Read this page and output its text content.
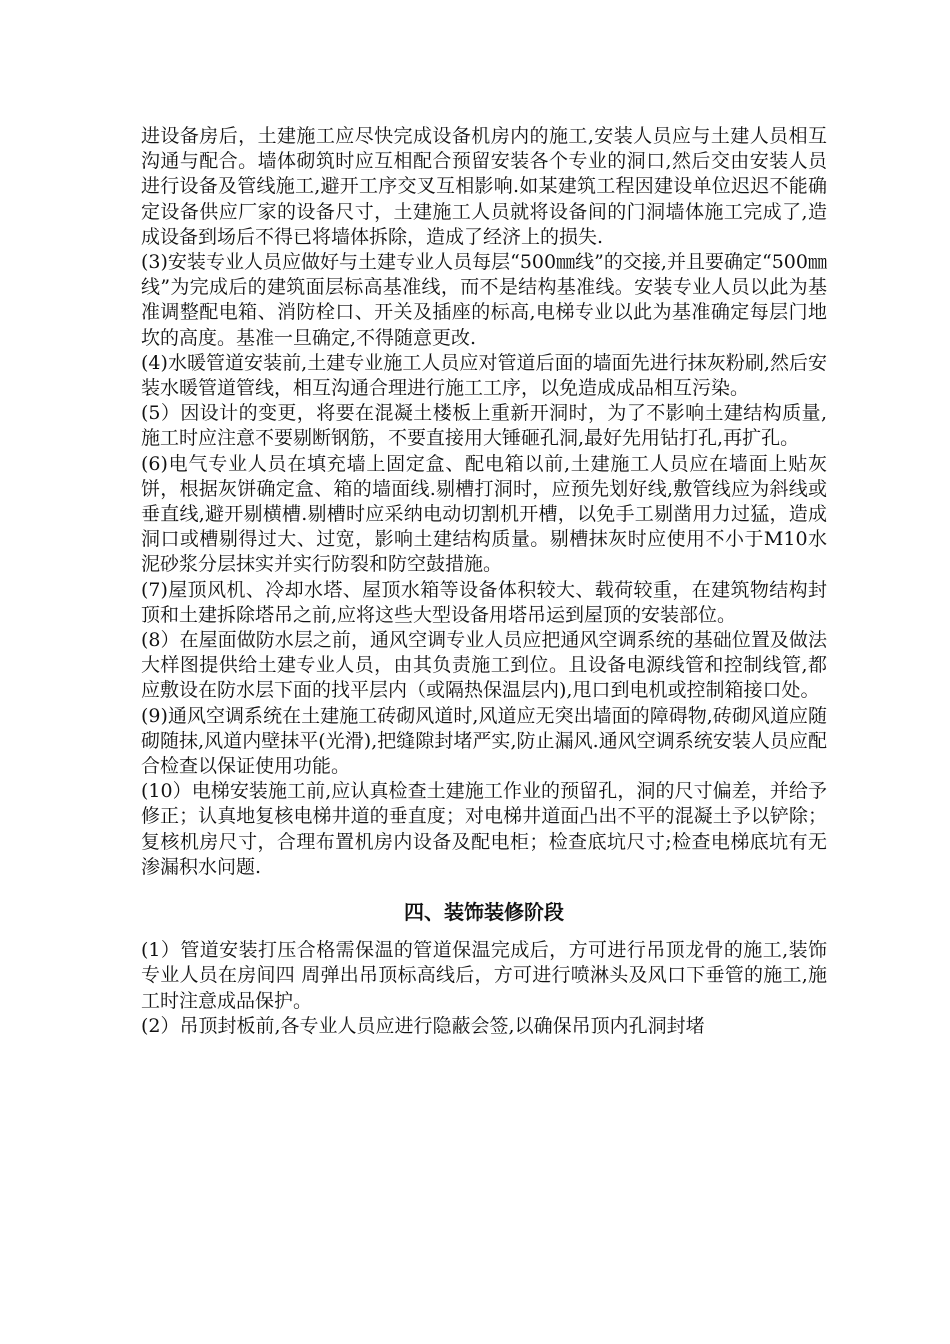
进设备房后，土建施工应尽快完成设备机房内的施工,安装人员应与土建人员相互沟通与配合。墙体砌筑时应互相配合预留安装各个专业的洞口,然后交由安装人员进行设备及管线施工,避开工序交叉互相影响.如某建筑工程因建设单位迟迟不能确定设备供应厂家的设备尺寸，土建施工人员就将设备间的门洞墙体施工完成了,造成设备到场后不得已将墙体拆除，造成了经济上的损失.

(3)安装专业人员应做好与土建专业人员每层“500㎜线”的交接,并且要确定“500㎜线”为完成后的建筑面层标高基准线，而不是结构基准线。安装专业人员以此为基准调整配电箱、消防栓口、开关及插座的标高,电梯专业以此为基准确定每层门地坎的高度。基准一旦确定,不得随意更改.

(4)水暖管道安装前,土建专业施工人员应对管道后面的墙面先进行抹灰粉刷,然后安装水暖管道管线，相互沟通合理进行施工工序，以免造成成品相互污染。

(5）因设计的变更，将要在混凝土楼板上重新开洞时，为了不影响土建结构质量,施工时应注意不要剔断钢筋，不要直接用大锤砸孔洞,最好先用钻打孔,再扩孔。

(6)电气专业人员在填充墙上固定盒、配电箱以前,土建施工人员应在墙面上贴灰饼，根据灰饼确定盒、箱的墙面线.剔槽打洞时，应预先划好线,敷管线应为斜线或垂直线,避开剔横槽.剔槽时应采纳电动切割机开槽，以免手工剔凿用力过猛，造成洞口或槽剔得过大、过宽，影响土建结构质量。剔槽抹灰时应使用不小于M10水泥砂浆分层抹实并实行防裂和防空鼓措施。

(7)屋顶风机、冷却水塔、屋顶水箱等设备体积较大、载荷较重，在建筑物结构封顶和土建拆除塔吊之前,应将这些大型设备用塔吊运到屋顶的安装部位。

(8）在屋面做防水层之前，通风空调专业人员应把通风空调系统的基础位置及做法大样图提供给土建专业人员，由其负责施工到位。且设备电源线管和控制线管,都应敷设在防水层下面的找平层内（或隔热保温层内),甩口到电机或控制箱接口处。

(9)通风空调系统在土建施工砖砌风道时,风道应无突出墙面的障碍物,砖砌风道应随砌随抹,风道内壁抹平(光滑),把缝隙封堵严实,防止漏风.通风空调系统安装人员应配合检查以保证使用功能。

(10）电梯安装施工前,应认真检查土建施工作业的预留孔，洞的尺寸偏差，并给予修正；认真地复核电梯井道的垂直度；对电梯井道面凸出不平的混凝土予以铲除；复核机房尺寸，合理布置机房内设备及配电柜；检查底坑尺寸;检查电梯底坑有无渗漏积水问题.

四、装饰装修阶段

(1）管道安装打压合格需保温的管道保温完成后，方可进行吊顶龙骨的施工,装饰专业人员在房间四 周弹出吊顶标高线后，方可进行喷淋头及风口下垂管的施工,施工时注意成品保护。

(2）吊顶封板前,各专业人员应进行隐蔽会签,以确保吊顶内孔洞封堵
